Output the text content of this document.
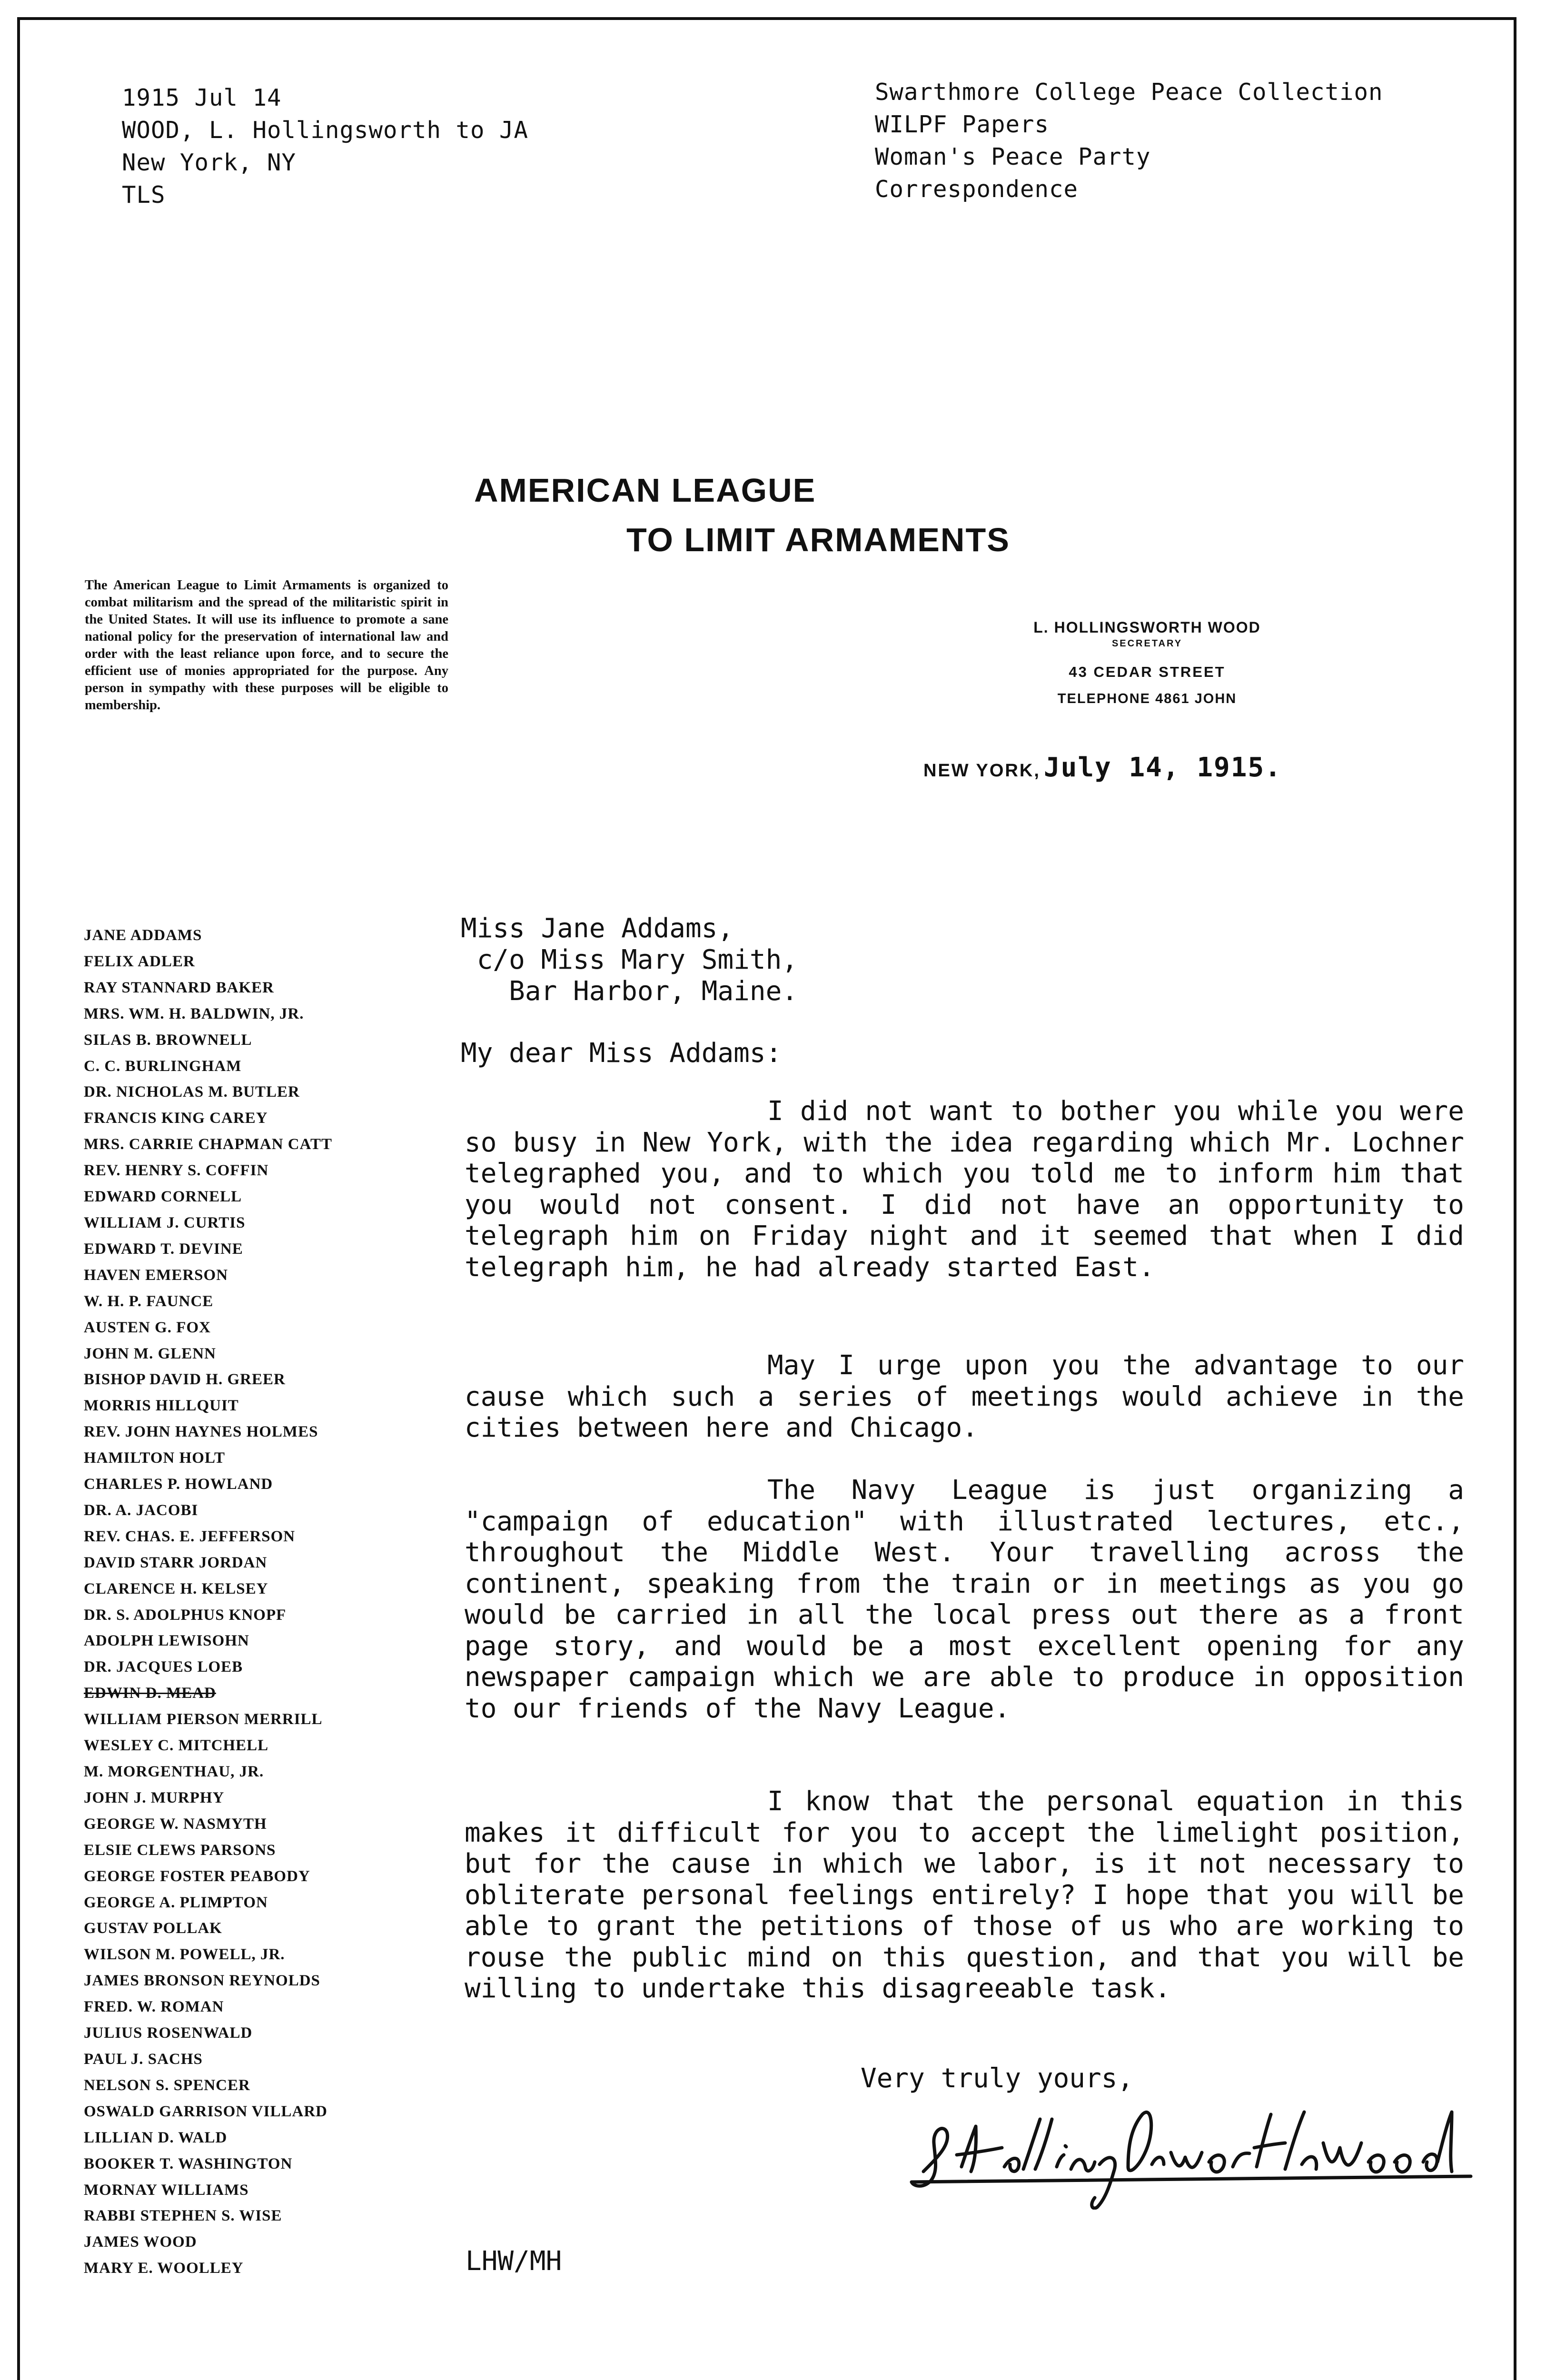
1915 Jul 14
WOOD, L. Hollingsworth to JA
New York, NY
TLS
Swarthmore College Peace Collection
WILPF Papers
Woman's Peace Party
Correspondence
AMERICAN LEAGUE
TO LIMIT ARMAMENTS
The American League to Limit Armaments is organized to combat militarism and the spread of the militaristic spirit in the United States. It will use its influence to promote a sane national policy for the preservation of international law and order with the least reliance upon force, and to secure the efficient use of monies appropriated for the purpose. Any person in sympathy with these purposes will be eligible to membership.
L. HOLLINGSWORTH WOOD
SECRETARY
43 CEDAR STREET
TELEPHONE 4861 JOHN
NEW YORK, July 14, 1915.
JANE ADDAMS
FELIX ADLER
RAY STANNARD BAKER
MRS. WM. H. BALDWIN, JR.
SILAS B. BROWNELL
C. C. BURLINGHAM
DR. NICHOLAS M. BUTLER
FRANCIS KING CAREY
MRS. CARRIE CHAPMAN CATT
REV. HENRY S. COFFIN
EDWARD CORNELL
WILLIAM J. CURTIS
EDWARD T. DEVINE
HAVEN EMERSON
W. H. P. FAUNCE
AUSTEN G. FOX
JOHN M. GLENN
BISHOP DAVID H. GREER
MORRIS HILLQUIT
REV. JOHN HAYNES HOLMES
HAMILTON HOLT
CHARLES P. HOWLAND
DR. A. JACOBI
REV. CHAS. E. JEFFERSON
DAVID STARR JORDAN
CLARENCE H. KELSEY
DR. S. ADOLPHUS KNOPF
ADOLPH LEWISOHN
DR. JACQUES LOEB
EDWIN D. MEAD
WILLIAM PIERSON MERRILL
WESLEY C. MITCHELL
M. MORGENTHAU, JR.
JOHN J. MURPHY
GEORGE W. NASMYTH
ELSIE CLEWS PARSONS
GEORGE FOSTER PEABODY
GEORGE A. PLIMPTON
GUSTAV POLLAK
WILSON M. POWELL, JR.
JAMES BRONSON REYNOLDS
FRED. W. ROMAN
JULIUS ROSENWALD
PAUL J. SACHS
NELSON S. SPENCER
OSWALD GARRISON VILLARD
LILLIAN D. WALD
BOOKER T. WASHINGTON
MORNAY WILLIAMS
RABBI STEPHEN S. WISE
JAMES WOOD
MARY E. WOOLLEY
Miss Jane Addams,
c/o Miss Mary Smith,
Bar Harbor, Maine.
My dear Miss Addams:
I did not want to bother you while you were so busy in New York, with the idea regarding which Mr. Lochner telegraphed you, and to which you told me to inform him that you would not consent. I did not have an opportunity to telegraph him on Friday night and it seemed that when I did telegraph him, he had already started East.
May I urge upon you the advantage to our cause which such a series of meetings would achieve in the cities between here and Chicago.
The Navy League is just organizing a "campaign of education" with illustrated lectures, etc., throughout the Middle West. Your travelling across the continent, speaking from the train or in meetings as you go would be carried in all the local press out there as a front page story, and would be a most excellent opening for any newspaper campaign which we are able to produce in opposition to our friends of the Navy League.
I know that the personal equation in this makes it difficult for you to accept the limelight position, but for the cause in which we labor, is it not necessary to obliterate personal feelings entirely? I hope that you will be able to grant the petitions of those of us who are working to rouse the public mind on this question, and that you will be willing to undertake this disagreeable task.
Very truly yours,
LHW/MH
